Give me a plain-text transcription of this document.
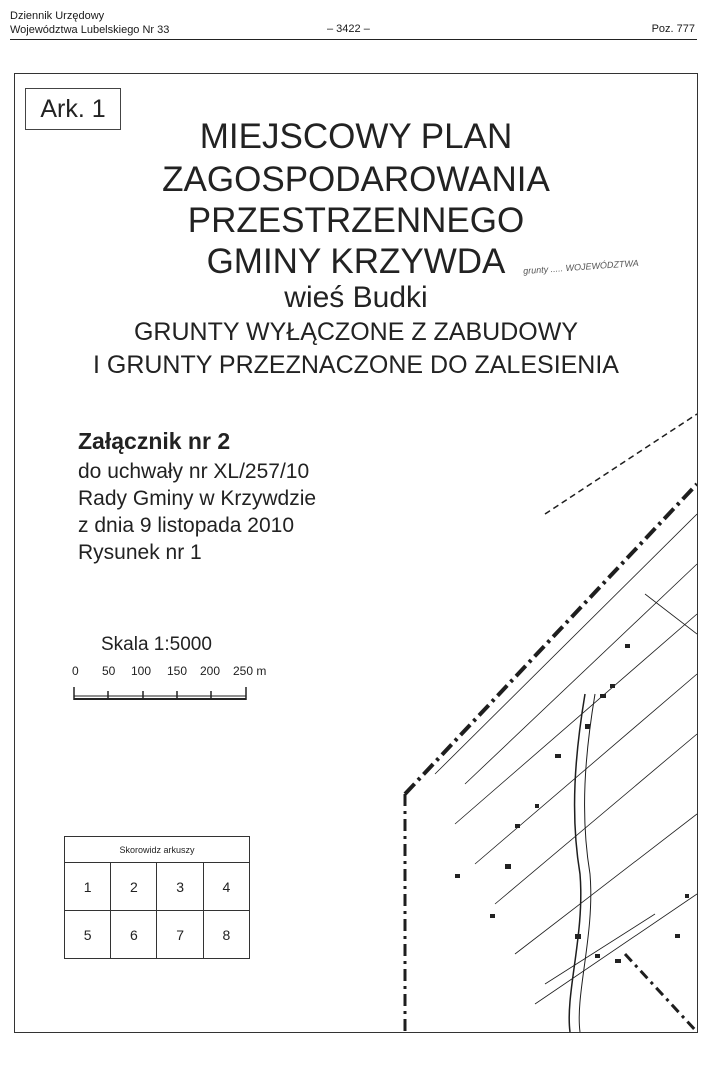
Dziennik Urzędowy
Województwa Lubelskiego Nr 33	– 3422 –	Poz. 777
Ark. 1
MIEJSCOWY PLAN
ZAGOSPODAROWANIA
PRZESTRZENNEGO
GMINY KRZYWDA
wieś Budki
GRUNTY WYŁĄCZONE Z ZABUDOWY
I GRUNTY PRZEZNACZONE DO ZALESIENIA
grunty ..... WOJEWÓDZTWA
Załącznik nr 2
do uchwały nr XL/257/10
Rady Gminy w Krzywdzie
z dnia 9 listopada 2010
Rysunek nr 1
Skala 1:5000
0 50 100 150 200 250 m
Skorowidz arkuszy			
1	2	3	4
5	6	7	8
